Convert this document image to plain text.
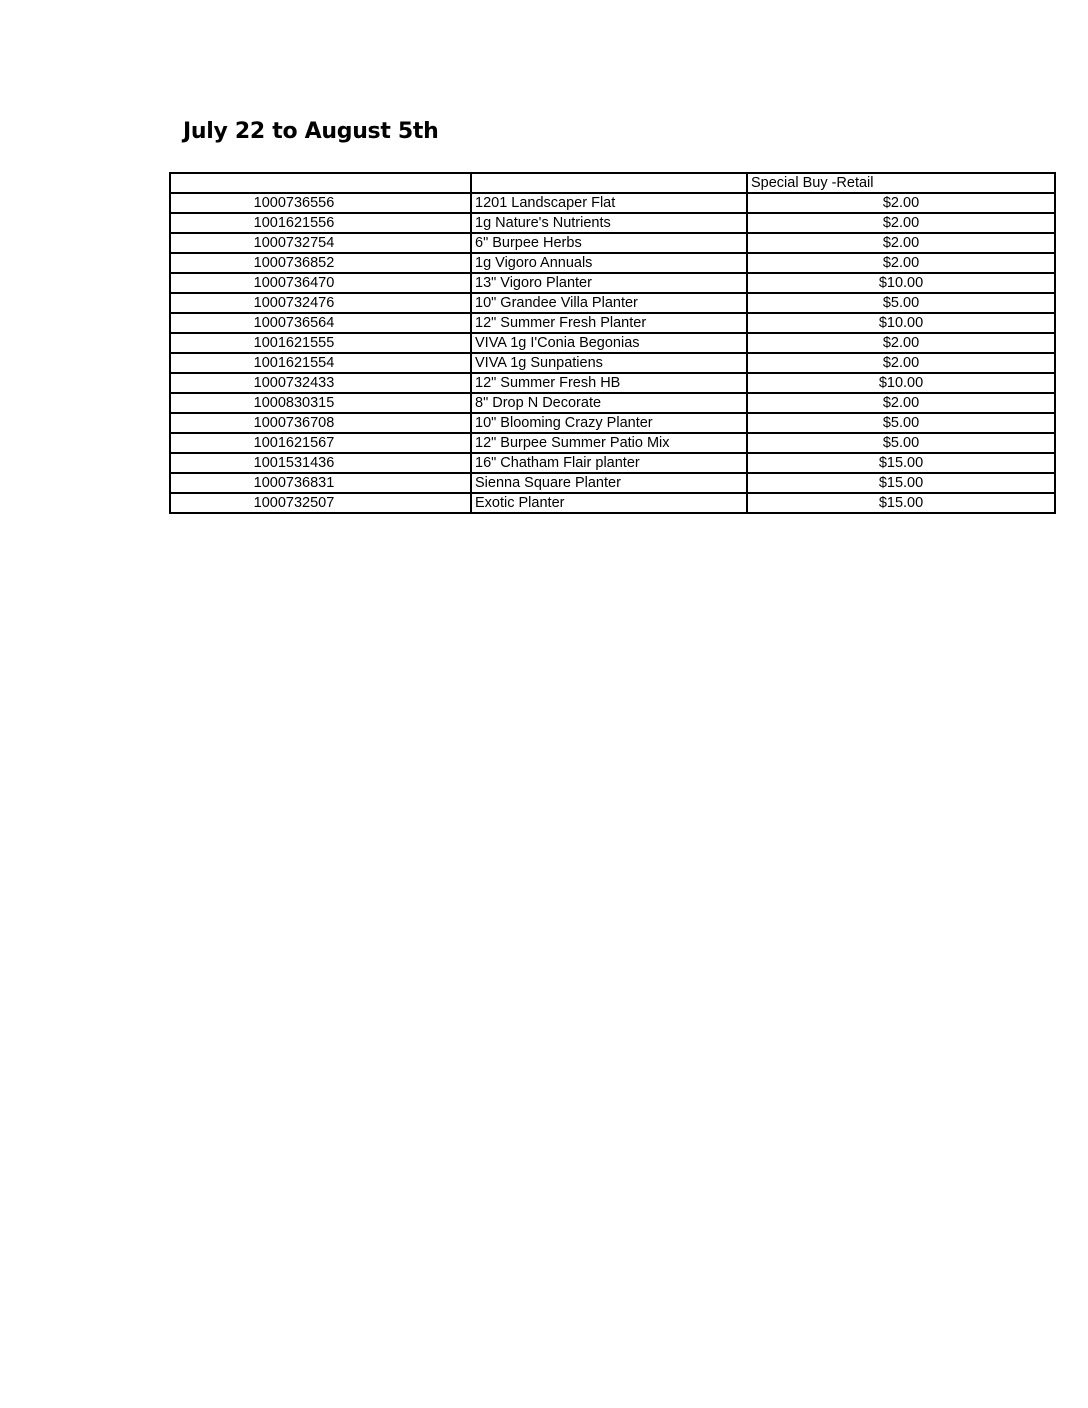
July 22 to August 5th
		Special Buy -Retail
1000736556	1201 Landscaper Flat	$2.00
1001621556	1g Nature's Nutrients	$2.00
1000732754	6" Burpee Herbs	$2.00
1000736852	1g Vigoro Annuals	$2.00
1000736470	13" Vigoro Planter	$10.00
1000732476	10" Grandee Villa Planter	$5.00
1000736564	12" Summer Fresh Planter	$10.00
1001621555	VIVA 1g I'Conia Begonias	$2.00
1001621554	VIVA 1g Sunpatiens	$2.00
1000732433	12" Summer Fresh HB	$10.00
1000830315	8" Drop N Decorate	$2.00
1000736708	10" Blooming Crazy Planter	$5.00
1001621567	12" Burpee Summer Patio Mix	$5.00
1001531436	16" Chatham Flair planter	$15.00
1000736831	Sienna Square Planter	$15.00
1000732507	Exotic Planter	$15.00
